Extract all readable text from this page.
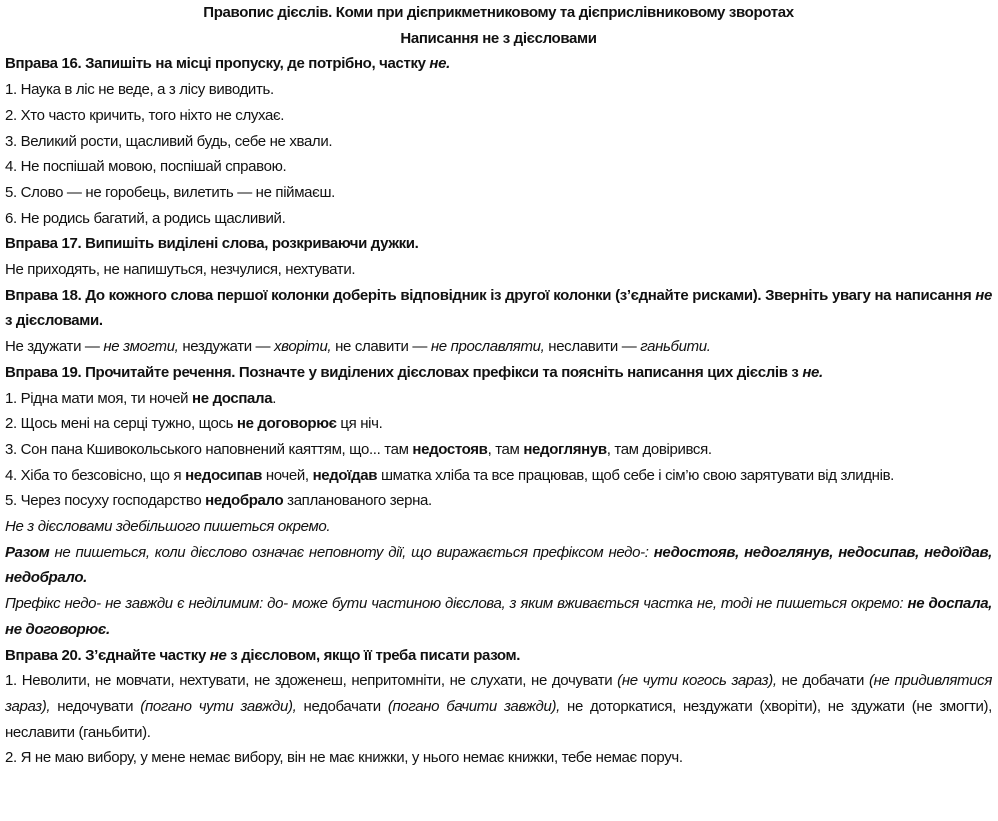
Правопис дієслів. Коми при дієприкметниковому та дієприслівниковому зворотах

Написання не з дієсловами

Вправа 16. Запишіть на місці пропуску, де потрібно, частку не.

1. Наука в ліс не веде, а з лісу виводить.

2. Хто часто кричить, того ніхто не слухає.

3. Великий рости, щасливий будь, себе не хвали.

4. Не поспішай мовою, поспішай справою.

5. Слово — не горобець, вилетить — не піймаєш.

6. Не родись багатий, а родись щасливий.

Вправа 17. Випишіть виділені слова, розкриваючи дужки.

Не приходять, не напишуться, незчулися, нехтувати.

Вправа 18. До кожного слова першої колонки доберіть відповідник із другої колонки (з’єднайте рисками). Зверніть увагу на написання не з дієсловами.

Не здужати — не змогти, нездужати — хворіти, не славити — не прославляти, неславити — ганьбити.

Вправа 19. Прочитайте речення. Позначте у виділених дієсловах префікси та поясніть написання цих дієслів з не.

1. Рідна мати моя, ти ночей не доспала.

2. Щось мені на серці тужно, щось не договорює ця ніч.

3. Сон пана Кшивокольського наповнений каяттям, що... там недостояв, там недоглянув, там довірився.

4. Хіба то безсовісно, що я недосипав ночей, недоїдав шматка хліба та все працював, щоб себе і сім’ю свою зарятувати від злиднів.

5. Через посуху господарство недобрало запланованого зерна.

Не з дієсловами здебільшого пишеться окремо.

Разом не пишеться, коли дієслово означає неповноту дії, що виражається префіксом недо-: недостояв, недоглянув, недосипав, недоїдав, недобрало.

Префікс недо- не завжди є неділимим: до- може бути частиною дієслова, з яким вживається частка не, тоді не пишеться окремо: не доспала, не договорює.

Вправа 20. З’єднайте частку не з дієсловом, якщо її треба писати разом.

1. Неволити, не мовчати, нехтувати, не здоженеш, непритомніти, не слухати, не дочувати (не чути когось зараз), не добачати (не придивлятися зараз), недочувати (погано чути завжди), недобачати (погано бачити завжди), не доторкатися, нездужати (хворіти), не здужати (не змогти), неславити (ганьбити).

2. Я не маю вибору, у мене немає вибору, він не має книжки, у нього немає книжки, тебе немає поруч.
